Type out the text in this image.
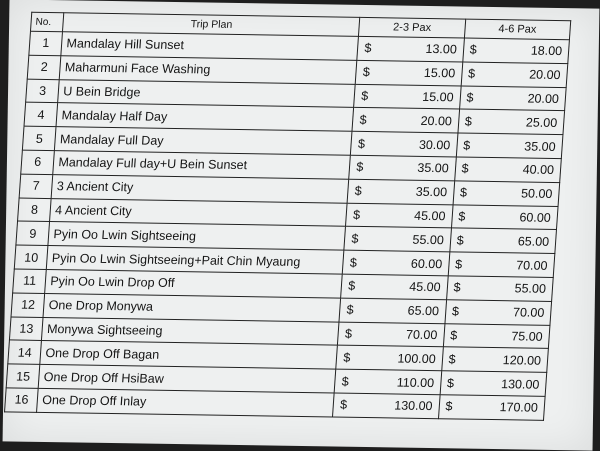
No.	Trip Plan	2-3 Pax	4-6 Pax
1	Mandalay Hill Sunset	$ 13.00	$ 18.00

2	Maharmuni Face Washing	$ 15.00	$ 20.00

3	U Bein Bridge	$ 15.00	$ 20.00

4	Mandalay Half Day	$ 20.00	$ 25.00

5	Mandalay Full Day	$ 30.00	$ 35.00

6	Mandalay Full day+U Bein Sunset	$ 35.00	$ 40.00

7	3 Ancient City	$ 35.00	$ 50.00

8	4 Ancient City	$ 45.00	$ 60.00

9	Pyin Oo Lwin Sightseeing	$ 55.00	$ 65.00

10	Pyin Oo Lwin Sightseeing+Pait Chin Myaung	$ 60.00	$ 70.00

11	Pyin Oo Lwin Drop Off	$ 45.00	$ 55.00

12	One Drop Monywa	$ 65.00	$ 70.00

13	Monywa Sightseeing	$ 70.00	$ 75.00

14	One Drop Off Bagan	$ 100.00	$ 120.00

15	One Drop Off HsiBaw	$ 110.00	$ 130.00

16	One Drop Off Inlay	$ 130.00	$ 170.00
